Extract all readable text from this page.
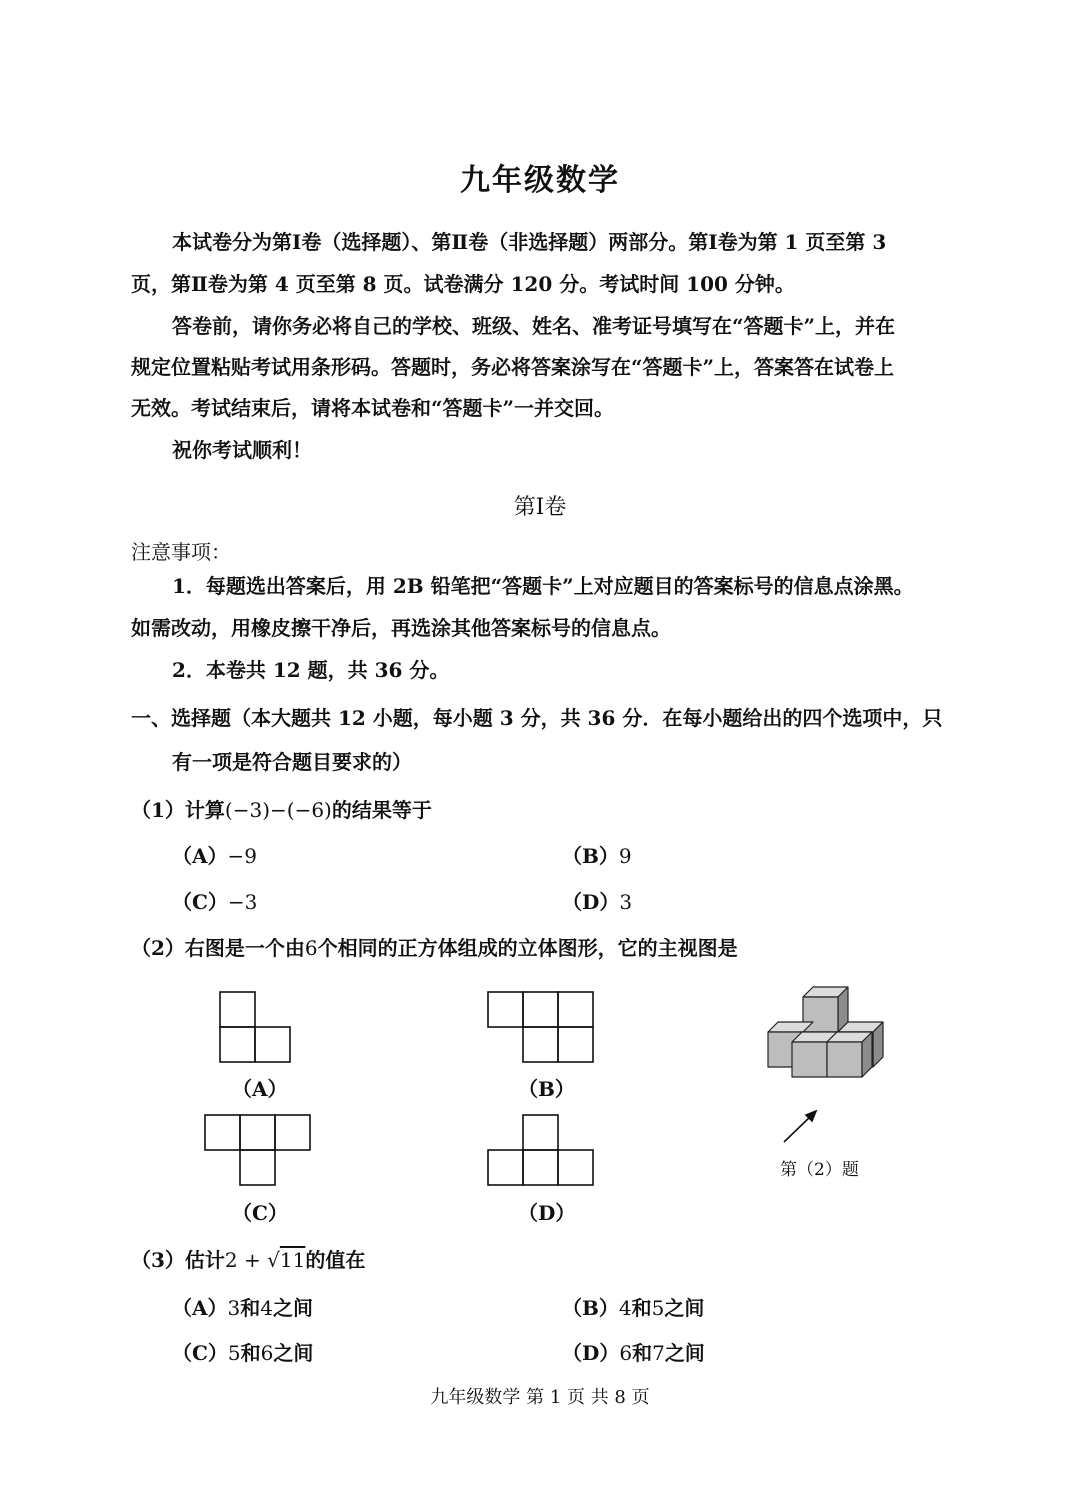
九年级数学
本试卷分为第Ⅰ卷（选择题）、第Ⅱ卷（非选择题）两部分。第Ⅰ卷为第 1 页至第 3
页，第Ⅱ卷为第 4 页至第 8 页。试卷满分 120 分。考试时间 100 分钟。
答卷前，请你务必将自己的学校、班级、姓名、准考证号填写在“答题卡”上，并在
规定位置粘贴考试用条形码。答题时，务必将答案涂写在“答题卡”上，答案答在试卷上
无效。考试结束后，请将本试卷和“答题卡”一并交回。
祝你考试顺利！
第Ⅰ卷
注意事项：
1．每题选出答案后，用 2B 铅笔把“答题卡”上对应题目的答案标号的信息点涂黑。
如需改动，用橡皮擦干净后，再选涂其他答案标号的信息点。
2．本卷共 12 题，共 36 分。
一、选择题（本大题共 12 小题，每小题 3 分，共 36 分．在每小题给出的四个选项中，只
有一项是符合题目要求的）
（1）计算(−3)−(−6)的结果等于
（A）−9	（B）9
（C）−3	（D）3
（2）右图是一个由6个相同的正方体组成的立体图形，它的主视图是
（A）	（B）
（C）	（D）
第（2）题
（3）估计2 + √11的值在
（A）3和4之间	（B）4和5之间
（C）5和6之间	（D）6和7之间
九年级数学 第 1 页 共 8 页
